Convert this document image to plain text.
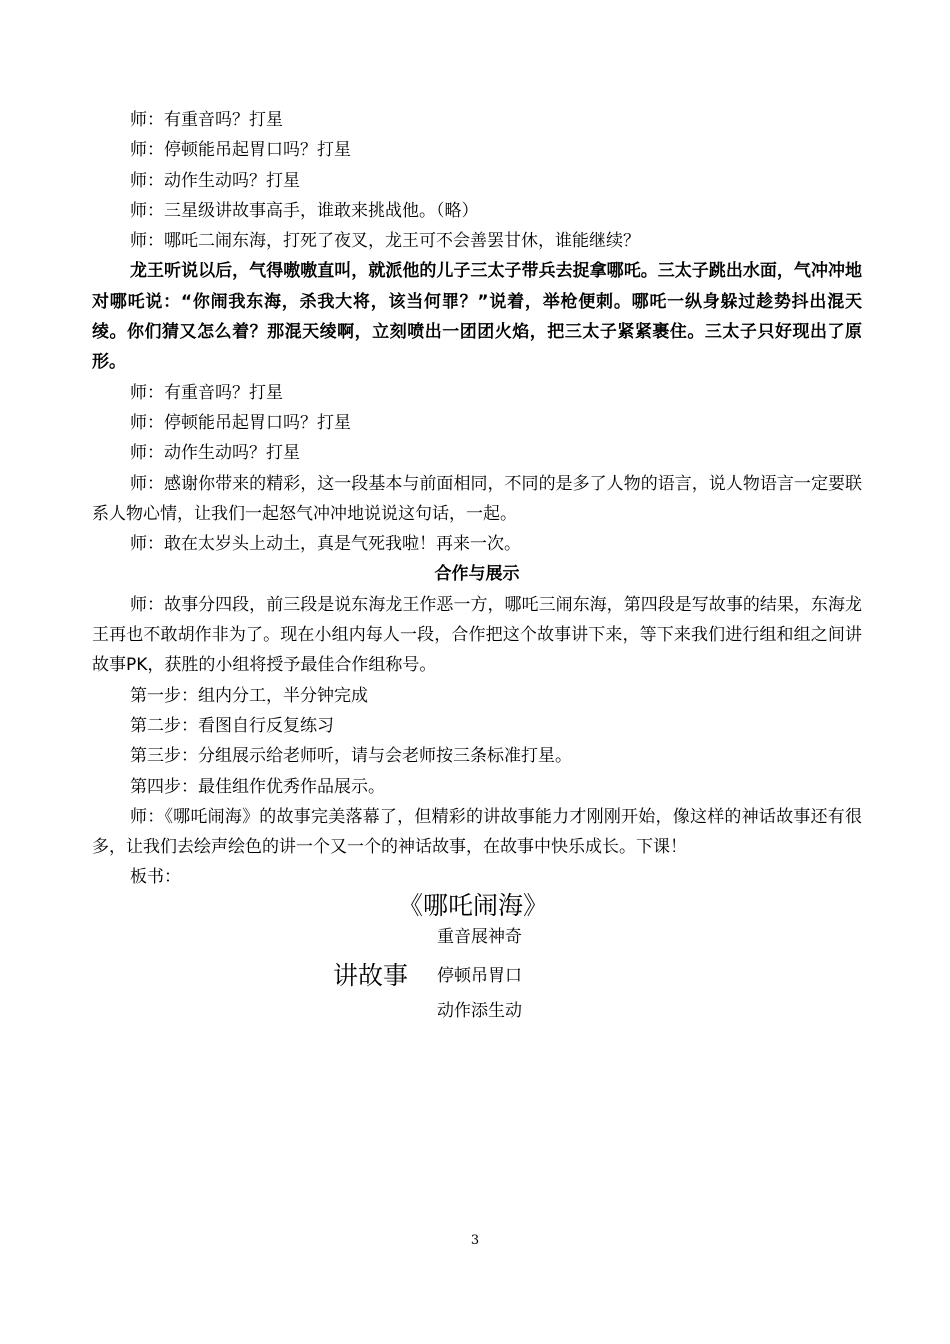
师：有重音吗？打星

师：停顿能吊起胃口吗？打星

师：动作生动吗？打星

师：三星级讲故事高手，谁敢来挑战他。（略）

师：哪吒二闹东海，打死了夜叉，龙王可不会善罢甘休，谁能继续？

龙王听说以后，气得嗷嗷直叫，就派他的儿子三太子带兵去捉拿哪吒。三太子跳出水面，气冲冲地对哪吒说：“你闹我东海，杀我大将，该当何罪？”说着，举枪便刺。哪吒一纵身躲过趁势抖出混天绫。你们猜又怎么着？那混天绫啊，立刻喷出一团团火焰，把三太子紧紧裹住。三太子只好现出了原形。

师：有重音吗？打星

师：停顿能吊起胃口吗？打星

师：动作生动吗？打星

师：感谢你带来的精彩，这一段基本与前面相同，不同的是多了人物的语言，说人物语言一定要联系人物心情，让我们一起怒气冲冲地说说这句话，一起。

师：敢在太岁头上动土，真是气死我啦！再来一次。

合作与展示

师：故事分四段，前三段是说东海龙王作恶一方，哪吒三闹东海，第四段是写故事的结果，东海龙王再也不敢胡作非为了。现在小组内每人一段，合作把这个故事讲下来，等下来我们进行组和组之间讲故事PK，获胜的小组将授予最佳合作组称号。

第一步：组内分工，半分钟完成

第二步：看图自行反复练习

第三步：分组展示给老师听，请与会老师按三条标准打星。

第四步：最佳组作优秀作品展示。

师：《哪吒闹海》的故事完美落幕了，但精彩的讲故事能力才刚刚开始，像这样的神话故事还有很多，让我们去绘声绘色的讲一个又一个的神话故事，在故事中快乐成长。下课！

板书：

《哪吒闹海》
讲故事
重音展神奇
停顿吊胃口
动作添生动
3
